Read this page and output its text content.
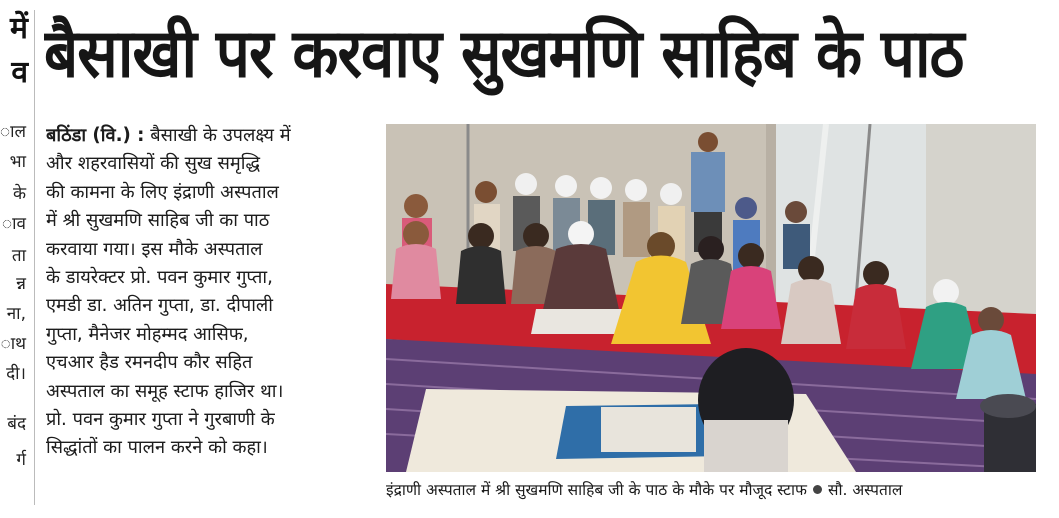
में
व
ाल
भा
के
ाव
ता
न्न
ना,
ाथ
दी।
बंद
र्ग
बैसाखी पर करवाए सुखमणि साहिब के पाठ
बठिंडा (वि.) : बैसाखी के उपलक्ष्य में
और शहरवासियों की सुख समृद्धि
की कामना के लिए इंद्राणी अस्पताल
में श्री सुखमणि साहिब जी का पाठ
करवाया गया। इस मौके अस्पताल
के डायरेक्टर प्रो. पवन कुमार गुप्ता,
एमडी डा. अतिन गुप्ता, डा. दीपाली
गुप्ता, मैनेजर मोहम्मद आसिफ,
एचआर हैड रमनदीप कौर सहित
अस्पताल का समूह स्टाफ हाजिर था।
प्रो. पवन कुमार गुप्ता ने गुरबाणी के
सिद्धांतों का पालन करने को कहा।
इंद्राणी अस्पताल में श्री सुखमणि साहिब जी के पाठ के मौके पर मौजूद स्टाफ सौ. अस्पताल
